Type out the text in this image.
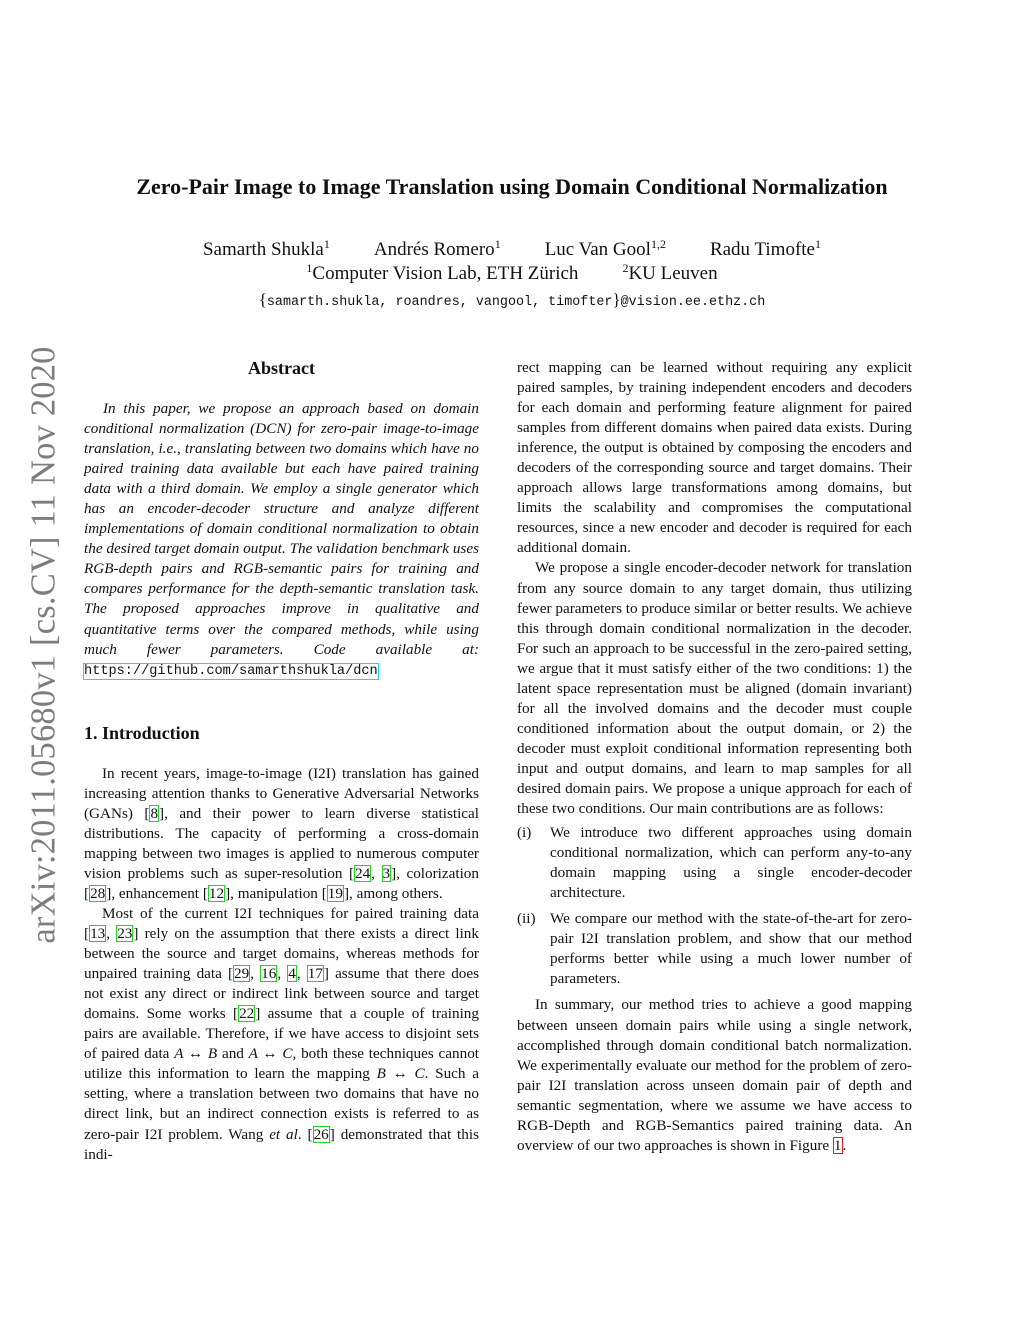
arXiv:2011.05680v1 [cs.CV] 11 Nov 2020
Zero-Pair Image to Image Translation using Domain Conditional Normalization
Samarth Shukla$^1$ Andrés Romero$^1$ Luc Van Gool$^{1,2}$ Radu Timofte$^1$
$^1$Computer Vision Lab, ETH Zürich	$^2$KU Leuven
{samarth.shukla, roandres, vangool, timofter}@vision.ee.ethz.ch
Abstract

In this paper, we propose an approach based on domain conditional normalization (DCN) for zero-pair image-to-image translation, i.e., translating between two domains which have no paired training data available but each have paired training data with a third domain. We employ a single generator which has an encoder-decoder structure and analyze different implementations of domain conditional normalization to obtain the desired target domain output. The validation benchmark uses RGB-depth pairs and RGB-semantic pairs for training and compares performance for the depth-semantic translation task. The proposed approaches improve in qualitative and quantitative terms over the compared methods, while using much fewer parameters. Code available at: https://github.com/samarthshukla/dcn

1. Introduction

In recent years, image-to-image (I2I) translation has gained increasing attention thanks to Generative Adversarial Networks (GANs) [8], and their power to learn diverse statistical distributions. The capacity of performing a cross-domain mapping between two images is applied to numerous computer vision problems such as super-resolution [24, 3], colorization [28], enhancement [12], manipulation [19], among others.

Most of the current I2I techniques for paired training data [13, 23] rely on the assumption that there exists a direct link between the source and target domains, whereas methods for unpaired training data [29, 16, 4, 17] assume that there does not exist any direct or indirect link between source and target domains. Some works [22] assume that a couple of training pairs are available. Therefore, if we have access to disjoint sets of paired data A ↔ B and A ↔ C, both these techniques cannot utilize this information to learn the mapping B ↔ C. Such a setting, where a translation between two domains that have no direct link, but an indirect connection exists is referred to as zero-pair I2I problem. Wang et al. [26] demonstrated that this indi-

rect mapping can be learned without requiring any explicit paired samples, by training independent encoders and decoders for each domain and performing feature alignment for paired samples from different domains when paired data exists. During inference, the output is obtained by composing the encoders and decoders of the corresponding source and target domains. Their approach allows large transformations among domains, but limits the scalability and compromises the computational resources, since a new encoder and decoder is required for each additional domain.

We propose a single encoder-decoder network for translation from any source domain to any target domain, thus utilizing fewer parameters to produce similar or better results. We achieve this through domain conditional normalization in the decoder. For such an approach to be successful in the zero-paired setting, we argue that it must satisfy either of the two conditions: 1) the latent space representation must be aligned (domain invariant) for all the involved domains and the decoder must couple conditioned information about the output domain, or 2) the decoder must exploit conditional information representing both input and output domains, and learn to map samples for all desired domain pairs. We propose a unique approach for each of these two conditions. Our main contributions are as follows:

(i)	We introduce two different approaches using domain conditional normalization, which can perform any-to-any domain mapping using a single encoder-decoder architecture.
(ii) We compare our method with the state-of-the-art for zero-pair I2I translation problem, and show that our method performs better while using a much lower number of parameters.

In summary, our method tries to achieve a good mapping between unseen domain pairs while using a single network, accomplished through domain conditional batch normalization. We experimentally evaluate our method for the problem of zero-pair I2I translation across unseen domain pair of depth and semantic segmentation, where we assume we have access to RGB-Depth and RGB-Semantics paired training data. An overview of our two approaches is shown in Figure 1.
